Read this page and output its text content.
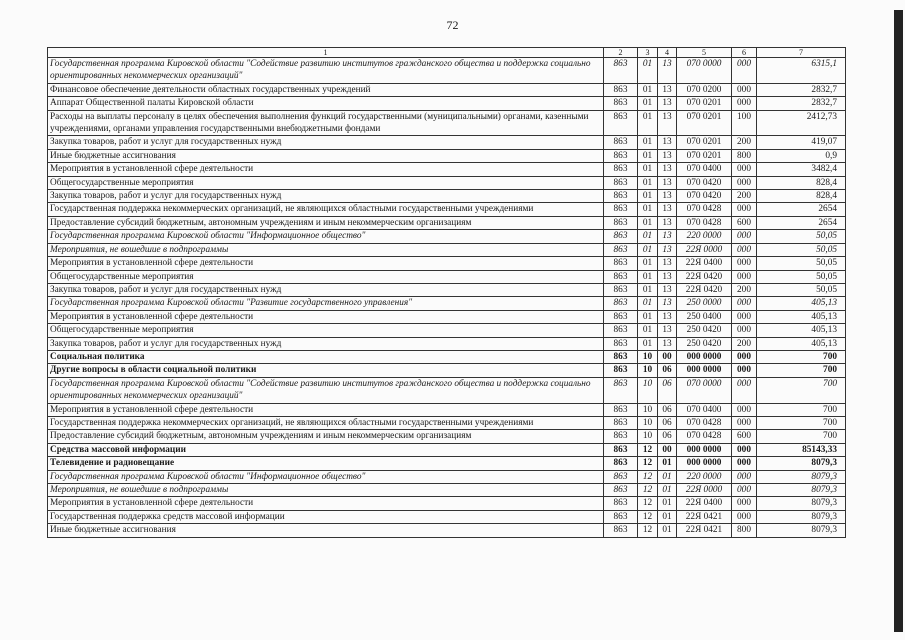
72
1	2	3	4	5	6	7
Государственная программа Кировской области "Содействие развитию институтов гражданского общества и поддержка социально ориентированных некоммерческих организаций"	863	01	13	070 0000	000	6315,1
Финансовое обеспечение деятельности областных государственных учреждений	863	01	13	070 0200	000	2832,7
Аппарат Общественной палаты Кировской области	863	01	13	070 0201	000	2832,7
Расходы на выплаты персоналу в целях обеспечения выполнения функций государственными (муниципальными) органами, казенными учреждениями, органами управления государственными внебюджетными фондами	863	01	13	070 0201	100	2412,73
Закупка товаров, работ и услуг для государственных нужд	863	01	13	070 0201	200	419,07
Иные бюджетные ассигнования	863	01	13	070 0201	800	0,9
Мероприятия в установленной сфере деятельности	863	01	13	070 0400	000	3482,4
Общегосударственные мероприятия	863	01	13	070 0420	000	828,4
Закупка товаров, работ и услуг для государственных нужд	863	01	13	070 0420	200	828,4
Государственная поддержка некоммерческих организаций, не являющихся областными государственными учреждениями	863	01	13	070 0428	000	2654
Предоставление субсидий бюджетным, автономным учреждениям и иным некоммерческим организациям	863	01	13	070 0428	600	2654
Государственная программа Кировской области "Информационное общество"	863	01	13	220 0000	000	50,05
Мероприятия, не вошедшие в подпрограммы	863	01	13	22Я 0000	000	50,05
Мероприятия в установленной сфере деятельности	863	01	13	22Я 0400	000	50,05
Общегосударственные мероприятия	863	01	13	22Я 0420	000	50,05
Закупка товаров, работ и услуг для государственных нужд	863	01	13	22Я 0420	200	50,05
Государственная программа Кировской области "Развитие государственного управления"	863	01	13	250 0000	000	405,13
Мероприятия в установленной сфере деятельности	863	01	13	250 0400	000	405,13
Общегосударственные мероприятия	863	01	13	250 0420	000	405,13
Закупка товаров, работ и услуг для государственных нужд	863	01	13	250 0420	200	405,13
Социальная политика	863	10	00	000 0000	000	700
Другие вопросы в области социальной политики	863	10	06	000 0000	000	700
Государственная программа Кировской области "Содействие развитию институтов гражданского общества и поддержка социально ориентированных некоммерческих организаций"	863	10	06	070 0000	000	700
Мероприятия в установленной сфере деятельности	863	10	06	070 0400	000	700
Государственная поддержка некоммерческих организаций, не являющихся областными государственными учреждениями	863	10	06	070 0428	000	700
Предоставление субсидий бюджетным, автономным учреждениям и иным некоммерческим организациям	863	10	06	070 0428	600	700
Средства массовой информации	863	12	00	000 0000	000	85143,33
Телевидение и радиовещание	863	12	01	000 0000	000	8079,3
Государственная программа Кировской области "Информационное общество"	863	12	01	220 0000	000	8079,3
Мероприятия, не вошедшие в подпрограммы	863	12	01	22Я 0000	000	8079,3
Мероприятия в установленной сфере деятельности	863	12	01	22Я 0400	000	8079,3
Государственная поддержка средств массовой информации	863	12	01	22Я 0421	000	8079,3
Иные бюджетные ассигнования	863	12	01	22Я 0421	800	8079,3
